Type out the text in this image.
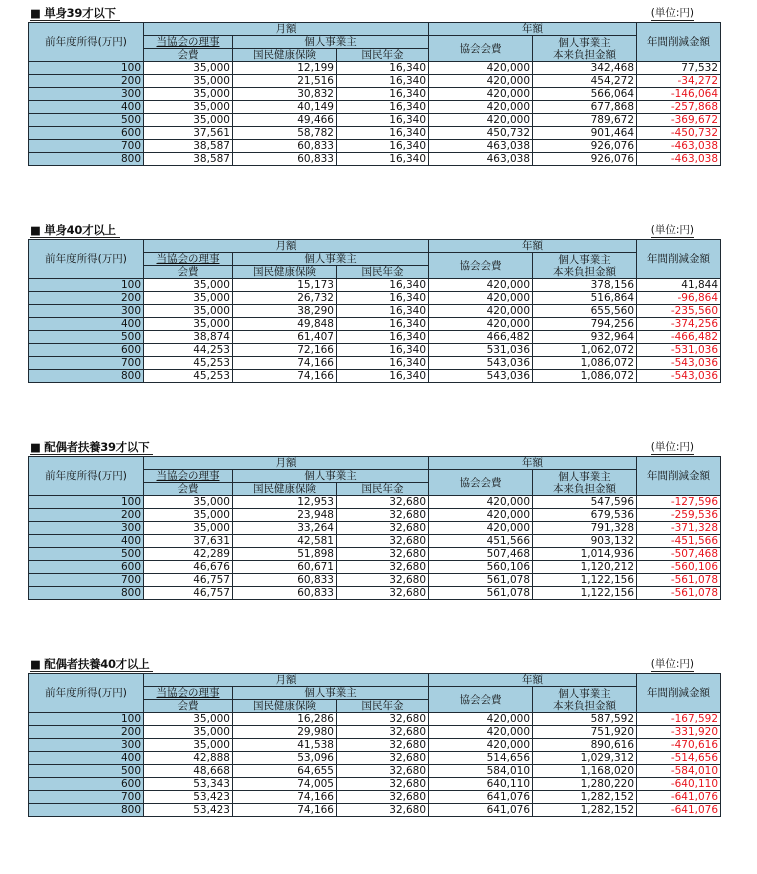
■ 単身39才以下	(単位:円)
前年度所得(万円)	月額			年額		年間削減金額
	当協会の理事	個人事業主		協会会費	個人事業主
本来負担金額	
	会費	国民健康保険	国民年金			
100	35,000	12,199	16,340	420,000	342,468	77,532
200	35,000	21,516	16,340	420,000	454,272	-34,272
300	35,000	30,832	16,340	420,000	566,064	-146,064
400	35,000	40,149	16,340	420,000	677,868	-257,868
500	35,000	49,466	16,340	420,000	789,672	-369,672
600	37,561	58,782	16,340	450,732	901,464	-450,732
700	38,587	60,833	16,340	463,038	926,076	-463,038
800	38,587	60,833	16,340	463,038	926,076	-463,038
■ 単身40才以上	(単位:円)
前年度所得(万円)	月額			年額		年間削減金額
	当協会の理事	個人事業主		協会会費	個人事業主
本来負担金額	
	会費	国民健康保険	国民年金			
100	35,000	15,173	16,340	420,000	378,156	41,844
200	35,000	26,732	16,340	420,000	516,864	-96,864
300	35,000	38,290	16,340	420,000	655,560	-235,560
400	35,000	49,848	16,340	420,000	794,256	-374,256
500	38,874	61,407	16,340	466,482	932,964	-466,482
600	44,253	72,166	16,340	531,036	1,062,072	-531,036
700	45,253	74,166	16,340	543,036	1,086,072	-543,036
800	45,253	74,166	16,340	543,036	1,086,072	-543,036
■ 配偶者扶養39才以下	(単位:円)
前年度所得(万円)	月額			年額		年間削減金額
	当協会の理事	個人事業主		協会会費	個人事業主
本来負担金額	
	会費	国民健康保険	国民年金			
100	35,000	12,953	32,680	420,000	547,596	-127,596
200	35,000	23,948	32,680	420,000	679,536	-259,536
300	35,000	33,264	32,680	420,000	791,328	-371,328
400	37,631	42,581	32,680	451,566	903,132	-451,566
500	42,289	51,898	32,680	507,468	1,014,936	-507,468
600	46,676	60,671	32,680	560,106	1,120,212	-560,106
700	46,757	60,833	32,680	561,078	1,122,156	-561,078
800	46,757	60,833	32,680	561,078	1,122,156	-561,078
■ 配偶者扶養40才以上	(単位:円)
前年度所得(万円)	月額			年額		年間削減金額
	当協会の理事	個人事業主		協会会費	個人事業主
本来負担金額	
	会費	国民健康保険	国民年金			
100	35,000	16,286	32,680	420,000	587,592	-167,592
200	35,000	29,980	32,680	420,000	751,920	-331,920
300	35,000	41,538	32,680	420,000	890,616	-470,616
400	42,888	53,096	32,680	514,656	1,029,312	-514,656
500	48,668	64,655	32,680	584,010	1,168,020	-584,010
600	53,343	74,005	32,680	640,110	1,280,220	-640,110
700	53,423	74,166	32,680	641,076	1,282,152	-641,076
800	53,423	74,166	32,680	641,076	1,282,152	-641,076
